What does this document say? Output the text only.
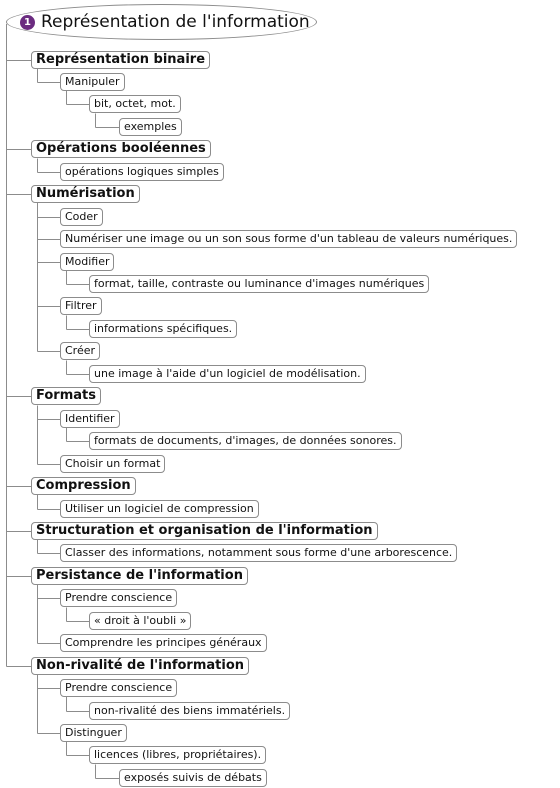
1 Représentation de l'information
Représentation binaire
Manipuler
bit, octet, mot.
exemples
Opérations booléennes
opérations logiques simples
Numérisation
Coder
Numériser une image ou un son sous forme d'un tableau de valeurs numériques.
Modifier
format, taille, contraste ou luminance d'images numériques
Filtrer
informations spécifiques.
Créer
une image à l'aide d'un logiciel de modélisation.
Formats
Identifier
formats de documents, d'images, de données sonores.
Choisir un format
Compression
Utiliser un logiciel de compression
Structuration et organisation de l'information
Classer des informations, notamment sous forme d'une arborescence.
Persistance de l'information
Prendre conscience
« droit à l'oubli »
Comprendre les principes généraux
Non-rivalité de l'information
Prendre conscience
non-rivalité des biens immatériels.
Distinguer
licences (libres, propriétaires).
exposés suivis de débats
